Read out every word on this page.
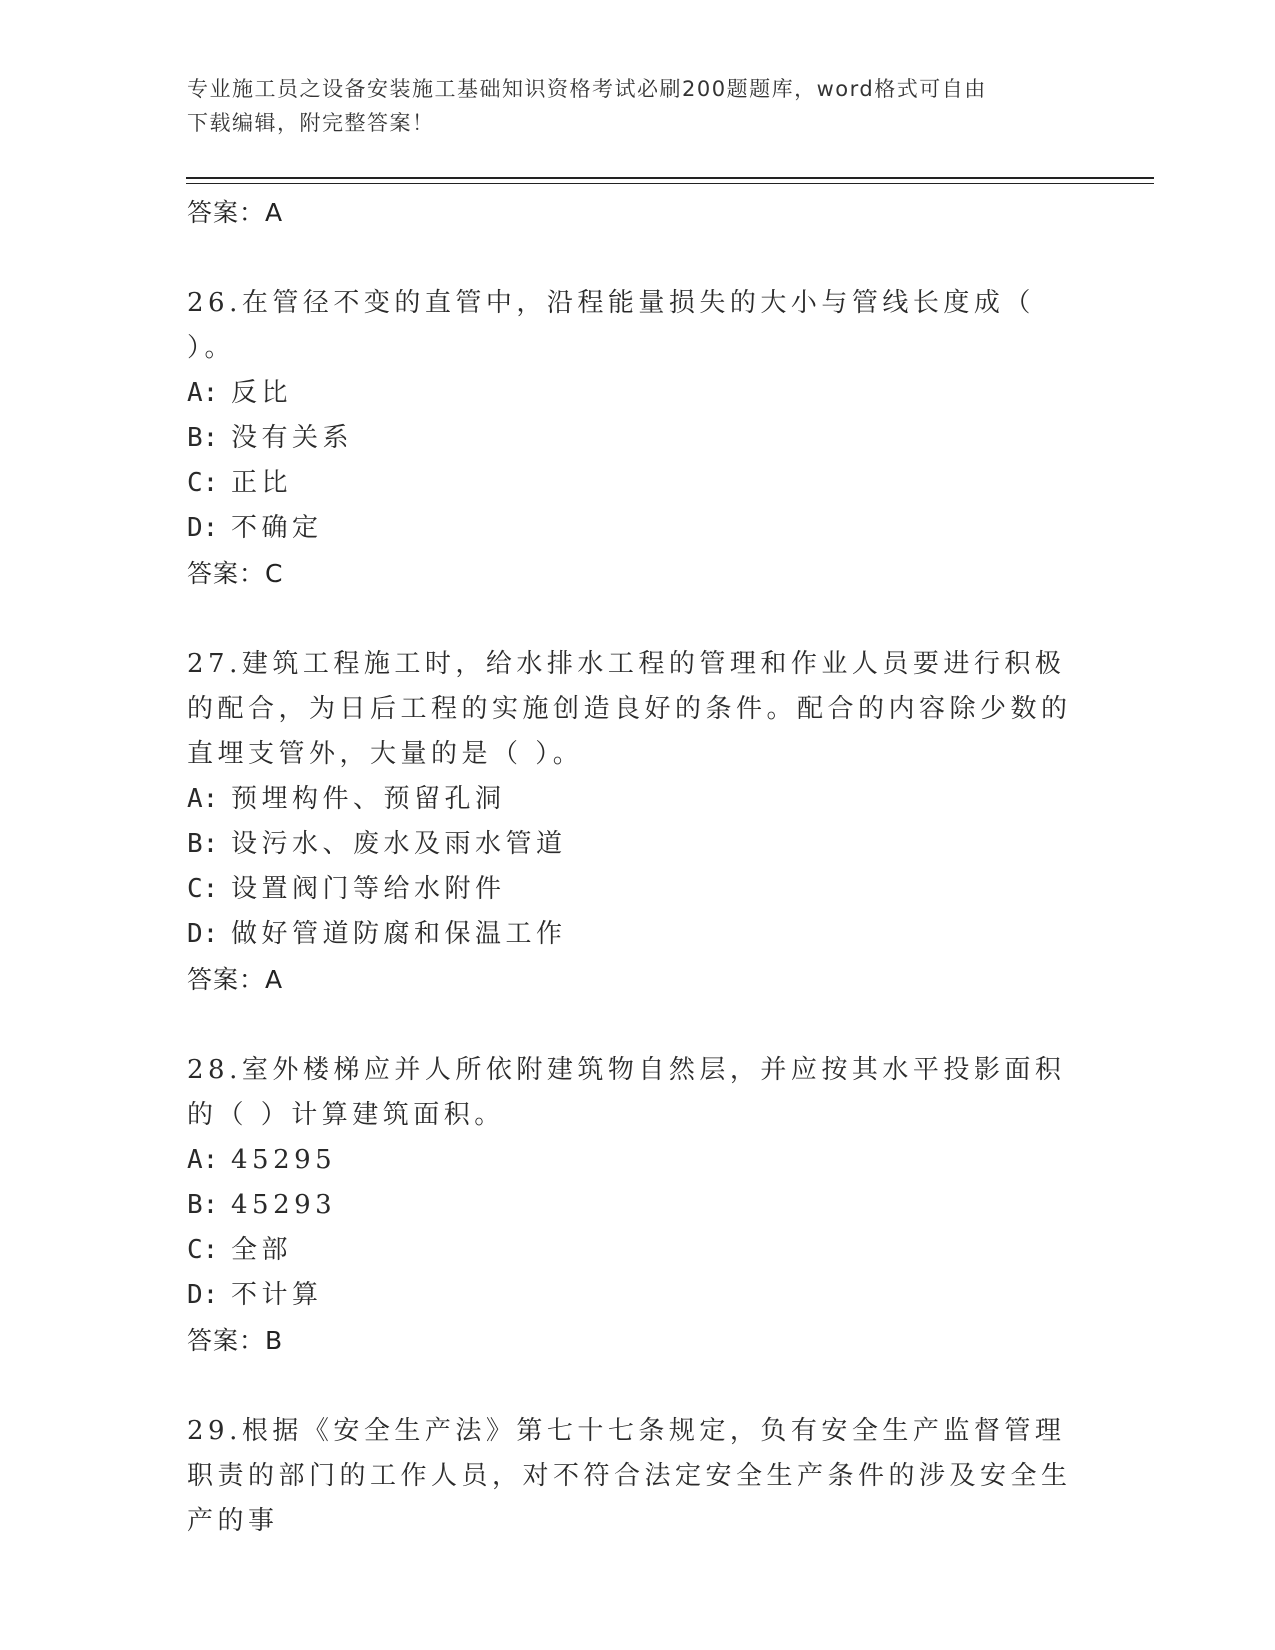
专业施工员之设备安装施工基础知识资格考试必刷200题题库，word格式可自由
下载编辑，附完整答案！
答案：A
26.在管径不变的直管中，沿程能量损失的大小与管线长度成（ ）。
A: 反比
B: 没有关系
C: 正比
D: 不确定
答案：C
27.建筑工程施工时，给水排水工程的管理和作业人员要进行积极的配合，为日后工程的实施创造良好的条件。配合的内容除少数的直埋支管外，大量的是（ ）。
A: 预埋构件、预留孔洞
B: 设污水、废水及雨水管道
C: 设置阀门等给水附件
D: 做好管道防腐和保温工作
答案：A
28.室外楼梯应并人所依附建筑物自然层，并应按其水平投影面积的（ ）计算建筑面积。
A: 45295
B: 45293
C: 全部
D: 不计算
答案：B
29.根据《安全生产法》第七十七条规定，负有安全生产监督管理职责的部门的工作人员，对不符合法定安全生产条件的涉及安全生产的事
